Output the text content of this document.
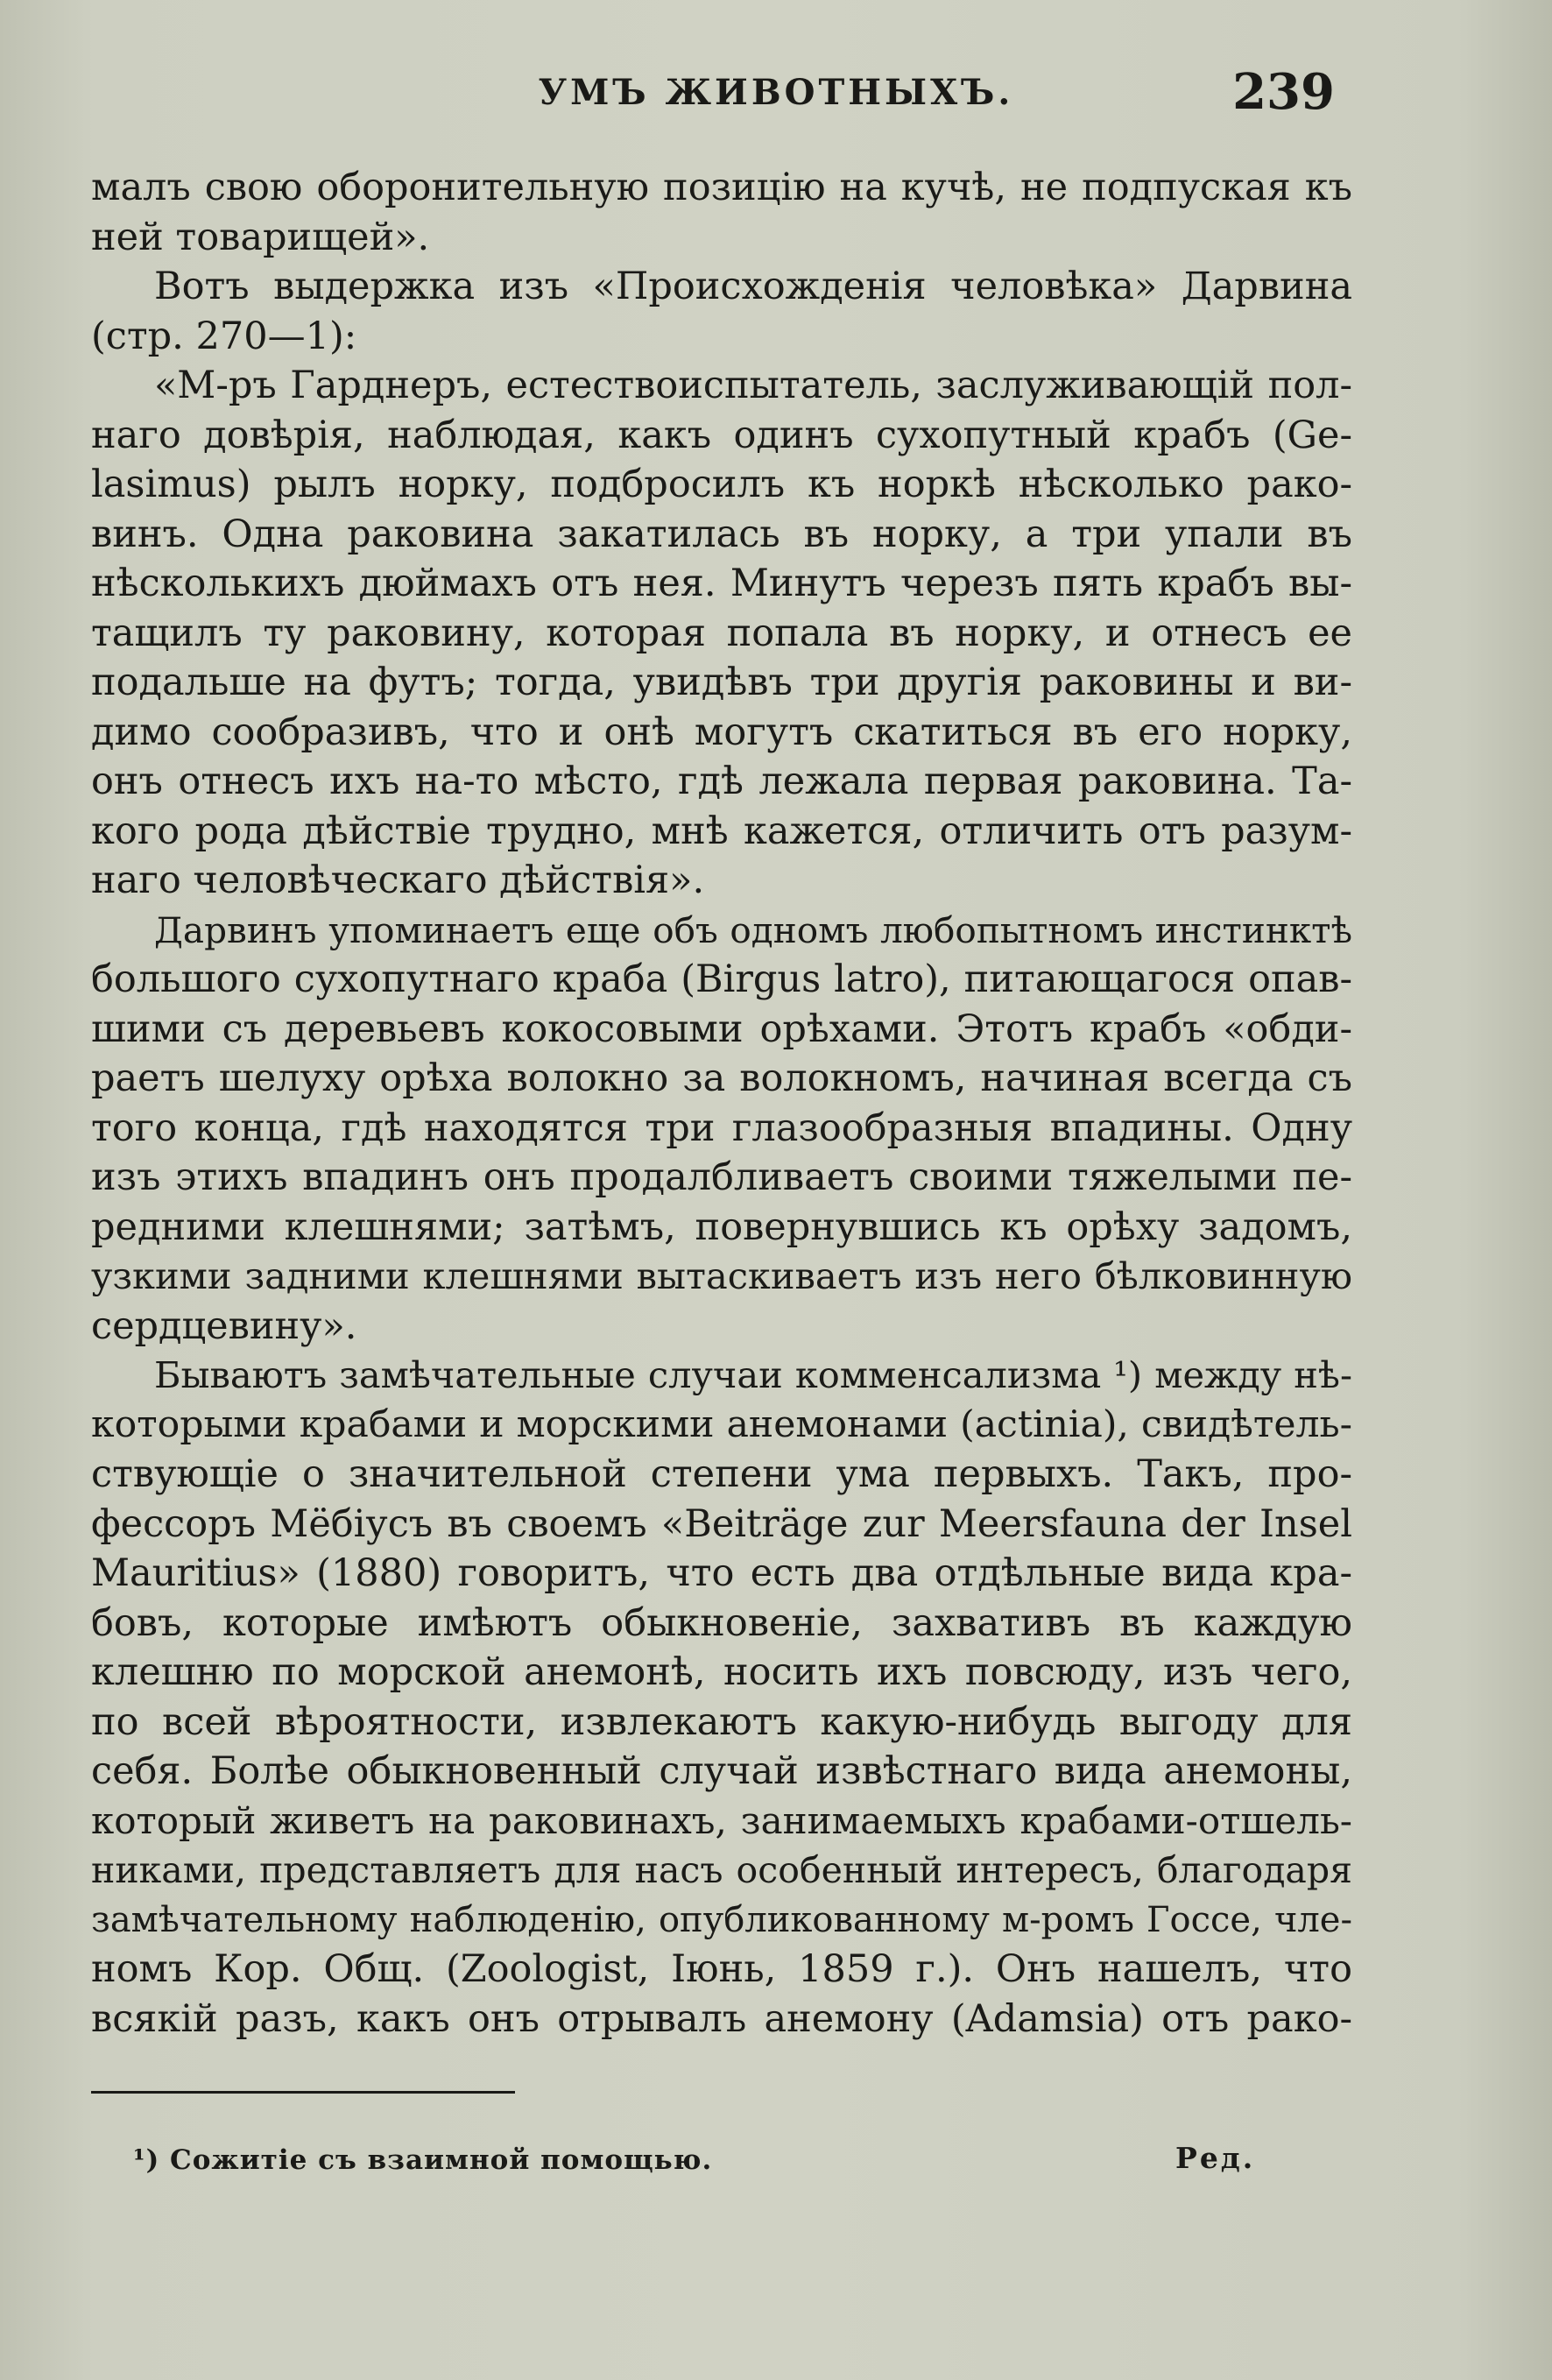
УМЪ ЖИВОТНЫХЪ.	239
малъ свою оборонительную позицію на кучѣ, не подпуская къ
ней товарищей».
Вотъ выдержка изъ «Происхожденія человѣка» Дарвина
(стр. 270—1):
«М-ръ Гарднеръ, естествоиспытатель, заслуживающій пол-
наго довѣрія, наблюдая, какъ одинъ сухопутный крабъ (Ge-
lasimus) рылъ норку, подбросилъ къ норкѣ нѣсколько рако-
винъ. Одна раковина закатилась въ норку, а три упали въ
нѣсколькихъ дюймахъ отъ нея. Минутъ черезъ пять крабъ вы-
тащилъ ту раковину, которая попала въ норку, и отнесъ ее
подальше на футъ; тогда, увидѣвъ три другія раковины и ви-
димо сообразивъ, что и онѣ могутъ скатиться въ его норку,
онъ отнесъ ихъ на-то мѣсто, гдѣ лежала первая раковина. Та-
кого рода дѣйствіе трудно, мнѣ кажется, отличить отъ разум-
наго человѣческаго дѣйствія».
Дарвинъ упоминаетъ еще объ одномъ любопытномъ инстинктѣ
большого сухопутнаго краба (Birgus latro), питающагося опав-
шими съ деревьевъ кокосовыми орѣхами. Этотъ крабъ «обди-
раетъ шелуху орѣха волокно за волокномъ, начиная всегда съ
того конца, гдѣ находятся три глазообразныя впадины. Одну
изъ этихъ впадинъ онъ продалбливаетъ своими тяжелыми пе-
редними клешнями; затѣмъ, повернувшись къ орѣху задомъ,
узкими задними клешнями вытаскиваетъ изъ него бѣлковинную
сердцевину».
Бываютъ замѣчательные случаи комменсализма ¹) между нѣ-
которыми крабами и морскими анемонами (actinia), свидѣтель-
ствующіе о значительной степени ума первыхъ. Такъ, про-
фессоръ Мёбіусъ въ своемъ «Beiträge zur Meersfauna der Insel
Mauritius» (1880) говоритъ, что есть два отдѣльные вида кра-
бовъ, которые имѣютъ обыкновеніе, захвативъ въ каждую
клешню по морской анемонѣ, носить ихъ повсюду, изъ чего,
по всей вѣроятности, извлекаютъ какую-нибудь выгоду для
себя. Болѣе обыкновенный случай извѣстнаго вида анемоны,
который живетъ на раковинахъ, занимаемыхъ крабами-отшель-
никами, представляетъ для насъ особенный интересъ, благодаря
замѣчательному наблюденію, опубликованному м-ромъ Госсе, чле-
номъ Кор. Общ. (Zoologist, Іюнь, 1859 г.). Онъ нашелъ, что
всякій разъ, какъ онъ отрывалъ анемону (Adamsia) отъ рако-
¹) Сожитіе съ взаимной помощью.	Ред.
